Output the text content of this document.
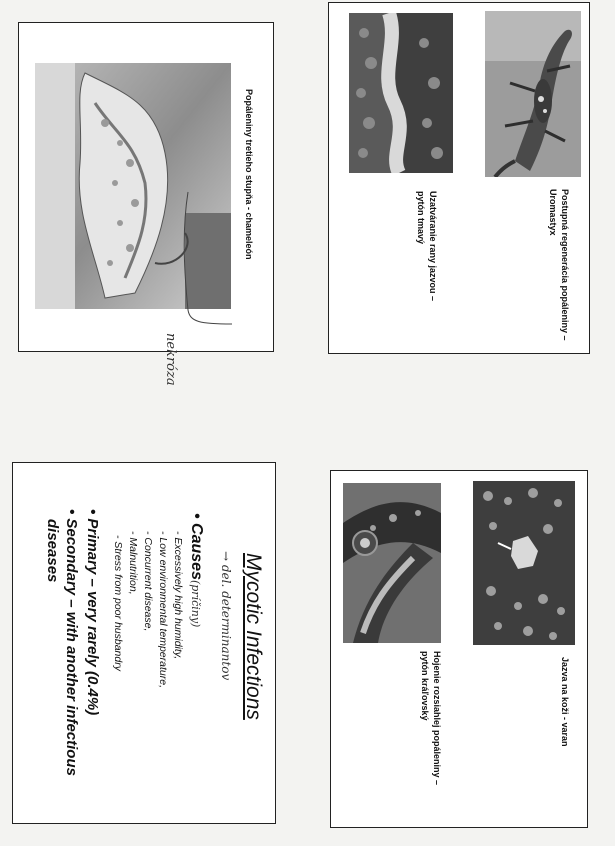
Popáleniny tretieho stupňa - chameleón
nekróza
Postupná regenerácia popáleniny –
Uromastyx
Uzatváranie rany jazvou –
pytón tmavý
Mycotic Infections
→ del. determinantov
• Causes(príčiny)
- Excessively high humidity,
- Low environmental temperature,
- Concurrent disease,
- Malnutrition,
- Stress from poor husbandry
• Primary – very rarely (0.4%)
• Secondary – with another infectious
diseases
Jazva na koži - varan
Hojenie rozsiahlej popáleniny –
pytón kráľovský
